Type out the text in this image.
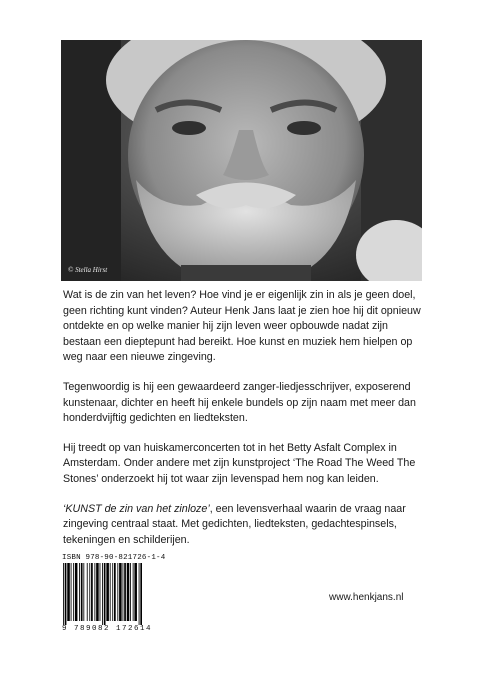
© Stella Hirst

Wat is de zin van het leven? Hoe vind je er eigenlijk zin in als je geen doel, geen richting kunt vinden? Auteur Henk Jans laat je zien hoe hij dit opnieuw ontdekte en op welke manier hij zijn leven weer opbouwde nadat zijn bestaan een dieptepunt had bereikt. Hoe kunst en muziek hem hielpen op weg naar een nieuwe zingeving.

Tegenwoordig is hij een gewaardeerd zanger-liedjesschrijver, exposerend kunstenaar, dichter en heeft hij enkele bundels op zijn naam met meer dan honderdvijftig gedichten en liedteksten.

Hij treedt op van huiskamerconcerten tot in het Betty Asfalt Complex in Amsterdam. Onder andere met zijn kunstproject ‘The Road The Weed The Stones’ onderzoekt hij tot waar zijn levenspad hem nog kan leiden.

‘KUNST de zin van het zinloze’, een levensverhaal waarin de vraag naar zingeving centraal staat. Met gedichten, liedteksten, gedachtespinsels, tekeningen en schilderijen.

ISBN 978-90-821726-1-4
9 789082 172614
www.henkjans.nl
